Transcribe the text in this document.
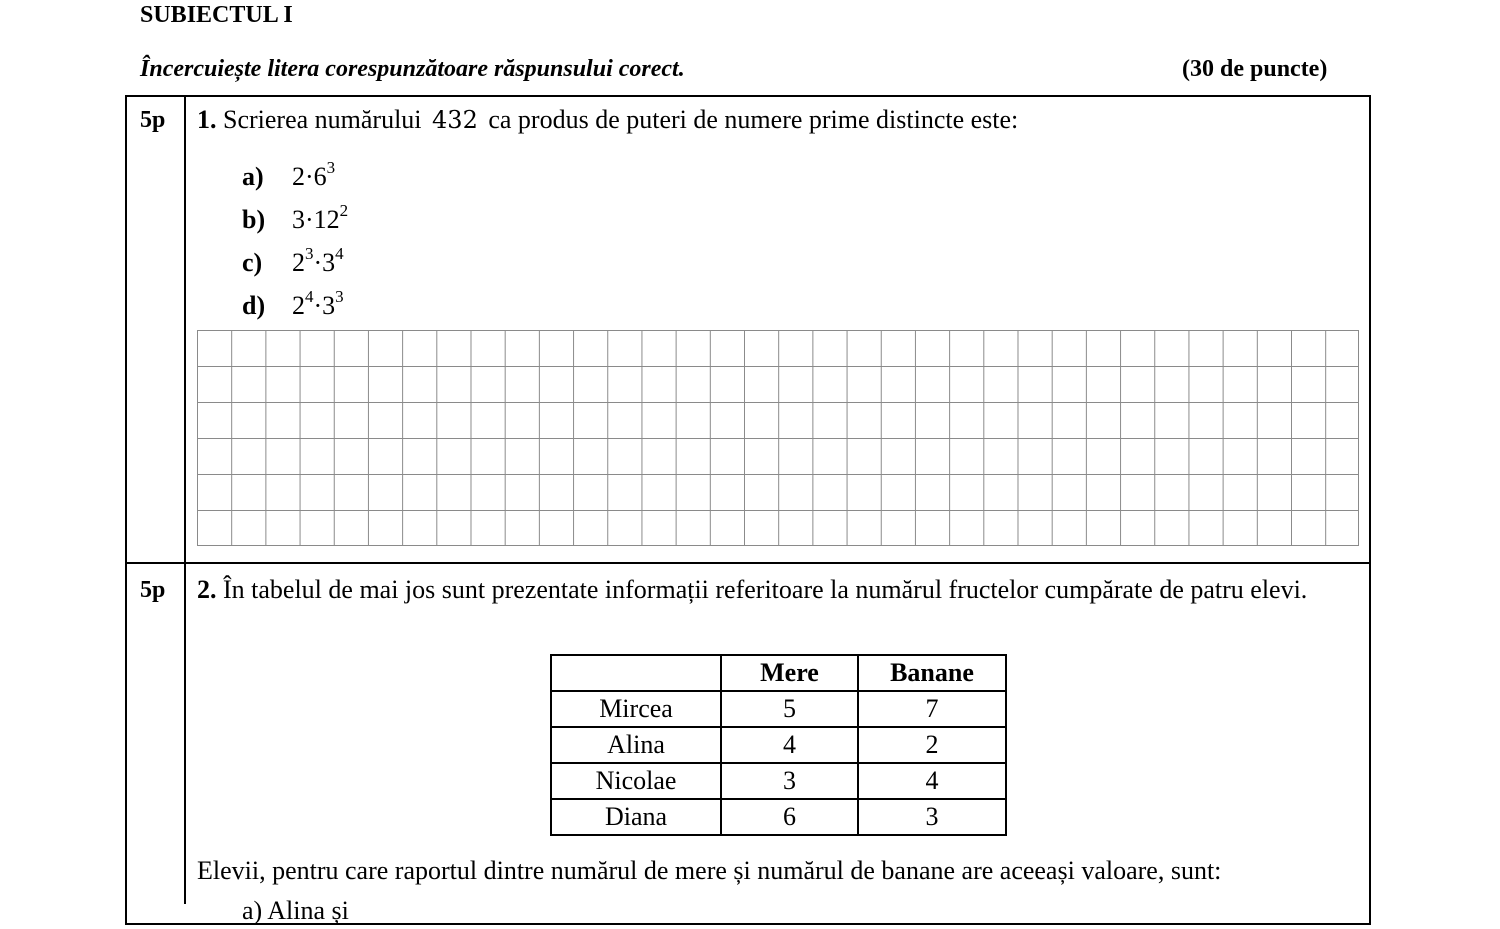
SUBIECTUL I
Încercuiește litera corespunzătoare răspunsului corect.	(30 de puncte)
5p 1. Scrierea numărului 432 ca produs de puteri de numere prime distincte este:
a) $2\cdot 6^3$
b) $3\cdot 12^2$
c) $2^3\cdot 3^4$
d) $2^4\cdot 3^3$
5p 2. În tabelul de mai jos sunt prezentate informații referitoare la numărul fructelor cumpărate de patru elevi.
	Mere	Banane
Mircea	5	7
Alina	4	2
Nicolae	3	4
Diana	6	3
Elevii, pentru care raportul dintre numărul de mere și numărul de banane are aceeași valoare, sunt:
a) Alina și
